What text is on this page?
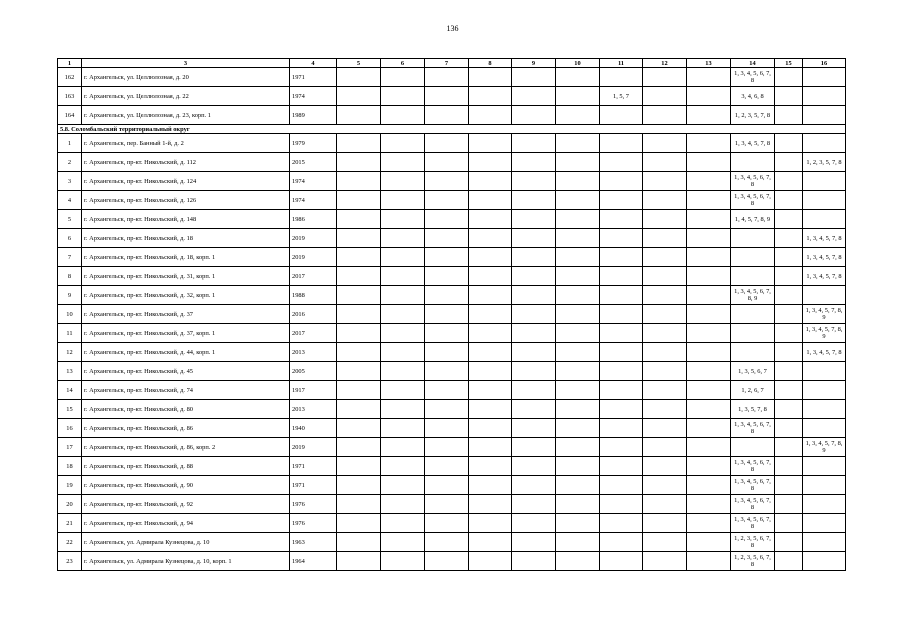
136
1	3	4	5	6	7	8	9	10	11	12	13	14	15	16
162	г. Архангельск, ул. Целлюлозная, д. 20	1971										1, 3, 4, 5, 6, 7, 8		
163	г. Архангельск, ул. Целлюлозная, д. 22	1974							1, 5, 7			3, 4, 6, 8		
164	г. Архангельск, ул. Целлюлозная, д. 23, корп. 1	1989										1, 2, 3, 5, 7, 8		
5.8. Соломбальский территориальный округ														
1	г. Архангельск, пер. Банный 1-й, д. 2	1979										1, 3, 4, 5, 7, 8		
2	г. Архангельск, пр-кт. Никольский, д. 112	2015												1, 2, 3, 5, 7, 8
3	г. Архангельск, пр-кт. Никольский, д. 124	1974										1, 3, 4, 5, 6, 7, 8		
4	г. Архангельск, пр-кт. Никольский, д. 126	1974										1, 3, 4, 5, 6, 7, 8		
5	г. Архангельск, пр-кт. Никольский, д. 148	1986										1, 4, 5, 7, 8, 9		
6	г. Архангельск, пр-кт. Никольский, д. 18	2019												1, 3, 4, 5, 7, 8
7	г. Архангельск, пр-кт. Никольский, д. 18, корп. 1	2019												1, 3, 4, 5, 7, 8
8	г. Архангельск, пр-кт. Никольский, д. 31, корп. 1	2017												1, 3, 4, 5, 7, 8
9	г. Архангельск, пр-кт. Никольский, д. 32, корп. 1	1988										1, 3, 4, 5, 6, 7, 8, 9		
10	г. Архангельск, пр-кт. Никольский, д. 37	2016												1, 3, 4, 5, 7, 8, 9
11	г. Архангельск, пр-кт. Никольский, д. 37, корп. 1	2017												1, 3, 4, 5, 7, 8, 9
12	г. Архангельск, пр-кт. Никольский, д. 44, корп. 1	2013												1, 3, 4, 5, 7, 8
13	г. Архангельск, пр-кт. Никольский, д. 45	2005										1, 3, 5, 6, 7		
14	г. Архангельск, пр-кт. Никольский, д. 74	1917										1, 2, 6, 7		
15	г. Архангельск, пр-кт. Никольский, д. 80	2013										1, 3, 5, 7, 8		
16	г. Архангельск, пр-кт. Никольский, д. 86	1940										1, 3, 4, 5, 6, 7, 8		
17	г. Архангельск, пр-кт. Никольский, д. 86, корп. 2	2019												1, 3, 4, 5, 7, 8, 9
18	г. Архангельск, пр-кт. Никольский, д. 88	1971										1, 3, 4, 5, 6, 7, 8		
19	г. Архангельск, пр-кт. Никольский, д. 90	1971										1, 3, 4, 5, 6, 7, 8		
20	г. Архангельск, пр-кт. Никольский, д. 92	1976										1, 3, 4, 5, 6, 7, 8		
21	г. Архангельск, пр-кт. Никольский, д. 94	1976										1, 3, 4, 5, 6, 7, 8		
22	г. Архангельск, ул. Адмирала Кузнецова, д. 10	1963										1, 2, 3, 5, 6, 7, 8		
23	г. Архангельск, ул. Адмирала Кузнецова, д. 10, корп. 1	1964										1, 2, 3, 5, 6, 7, 8		
